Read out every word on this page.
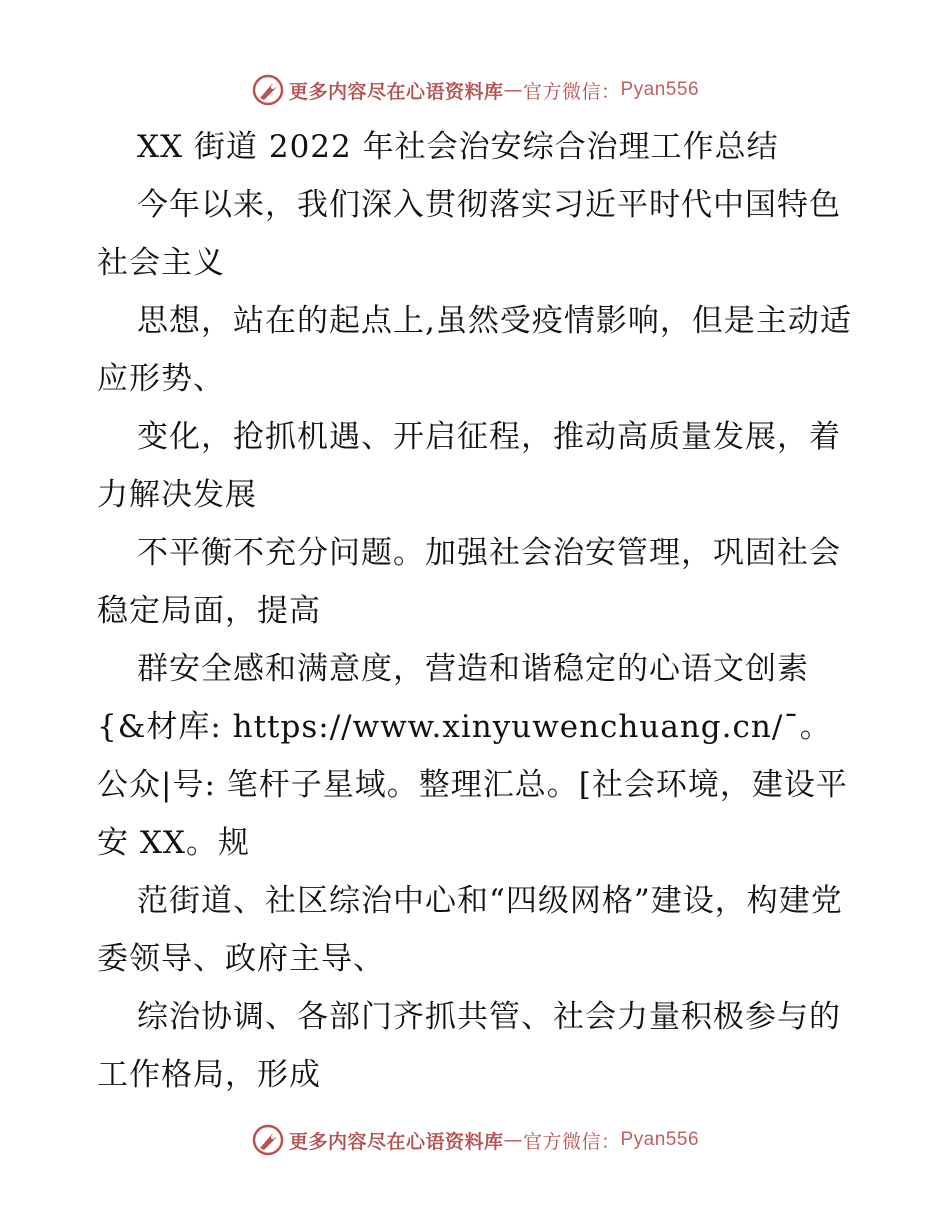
更多内容尽在心语资料库 — 官方微信： Pyan556

XX 街道 2022 年社会治安综合治理工作总结

今年以来，我们深入贯彻落实习近平时代中国特色社会主义

思想，站在的起点上,虽然受疫情影响，但是主动适应形势、

变化，抢抓机遇、开启征程，推动高质量发展，着力解决发展

不平衡不充分问题。加强社会治安管理，巩固社会稳定局面，提高

群安全感和满意度，营造和谐稳定的心语文创素{&材库: https://www.xinyuwenchuang.cn/¯。公众|号: 笔杆子星域。整理汇总。[社会环境，建设平安 XX。规

范街道、社区综治中心和“四级网格”建设，构建党委领导、政府主导、

综治协调、各部门齐抓共管、社会力量积极参与的工作格局，形成

更多内容尽在心语资料库 — 官方微信： Pyan556
